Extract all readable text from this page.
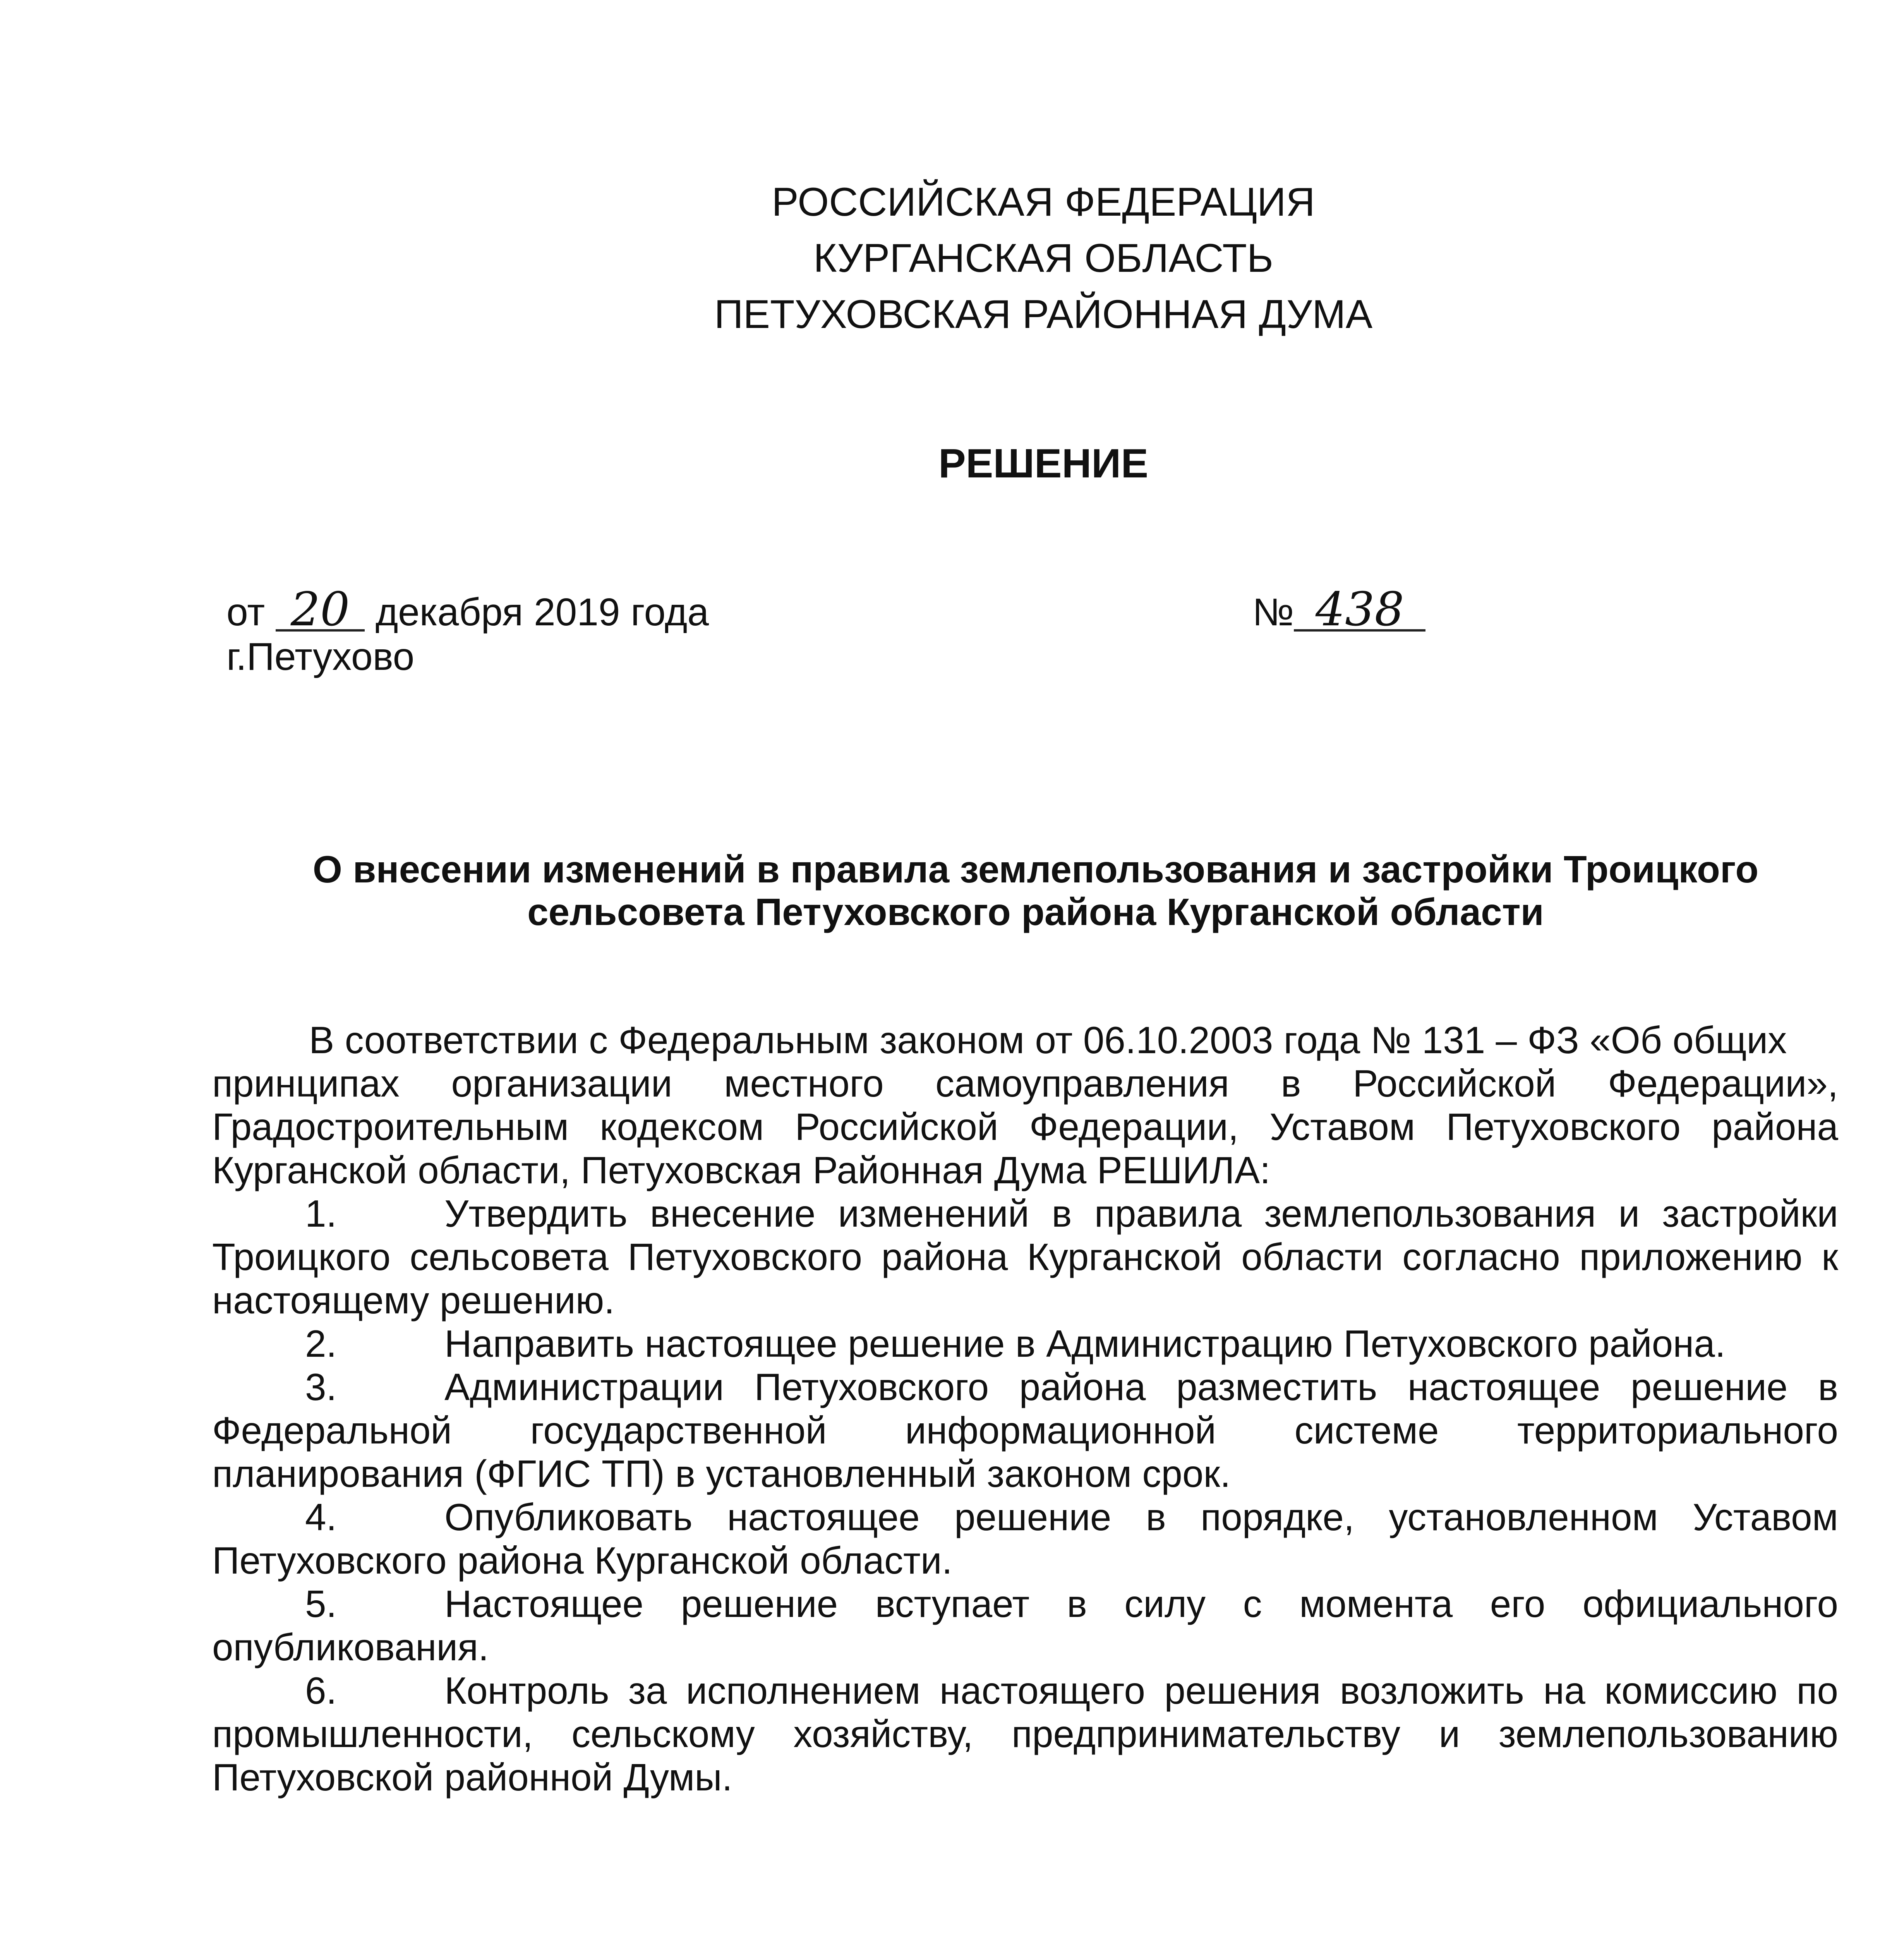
РОССИЙСКАЯ ФЕДЕРАЦИЯ
КУРГАНСКАЯ ОБЛАСТЬ
ПЕТУХОВСКАЯ РАЙОННАЯ ДУМА
РЕШЕНИЕ
от 20 декабря 2019 года
г.Петухово
№ 438
О внесении изменений в правила землепользования и застройки Троицкого
сельсовета Петуховского района Курганской области
В соответствии с Федеральным законом от 06.10.2003 года № 131 – ФЗ «Об общих
принципах организации местного самоуправления в Российской Федерации»,
Градостроительным кодексом Российской Федерации, Уставом Петуховского района
Курганской области, Петуховская Районная Дума РЕШИЛА:
1.	Утвердить внесение изменений в правила землепользования и застройки
Троицкого сельсовета Петуховского района Курганской области согласно приложению к
настоящему решению.
2.	Направить настоящее решение в Администрацию Петуховского района.
3.	Администрации Петуховского района разместить настоящее решение в
Федеральной государственной информационной системе территориального
планирования (ФГИС ТП) в установленный законом срок.
4.	Опубликовать настоящее решение в порядке, установленном Уставом
Петуховского района Курганской области.
5.	Настоящее решение вступает в силу с момента его официального
опубликования.
6.	Контроль за исполнением настоящего решения возложить на комиссию по
промышленности, сельскому хозяйству, предпринимательству и землепользованию
Петуховской районной Думы.
